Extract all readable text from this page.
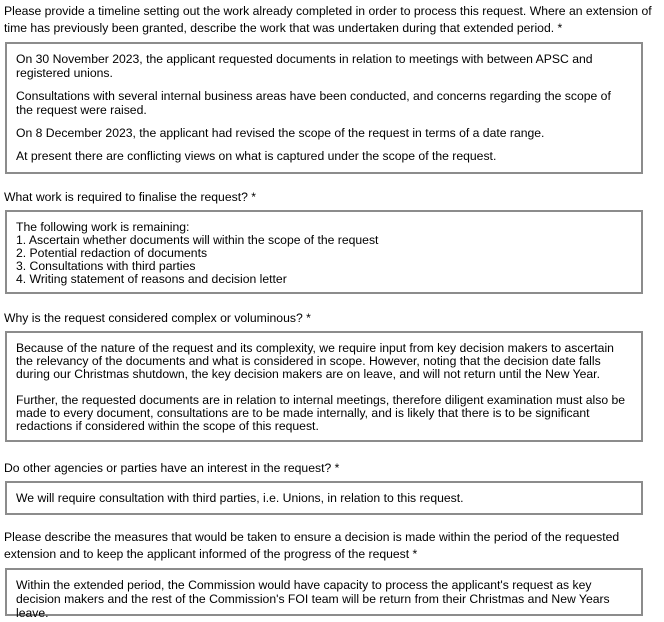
Please provide a timeline setting out the work already completed in order to process this request. Where an extension of time has previously been granted, describe the work that was undertaken during that extended period. *

On 30 November 2023, the applicant requested documents in relation to meetings with between APSC and registered unions.

Consultations with several internal business areas have been conducted, and concerns regarding the scope of the request were raised.

On 8 December 2023, the applicant had revised the scope of the request in terms of a date range.

At present there are conflicting views on what is captured under the scope of the request.

What work is required to finalise the request? *
The following work is remaining:
1. Ascertain whether documents will within the scope of the request
2. Potential redaction of documents
3. Consultations with third parties
4. Writing statement of reasons and decision letter
Why is the request considered complex or voluminous? *

Because of the nature of the request and its complexity, we require input from key decision makers to ascertain the relevancy of the documents and what is considered in scope. However, noting that the decision date falls during our Christmas shutdown, the key decision makers are on leave, and will not return until the New Year.

Further, the requested documents are in relation to internal meetings, therefore diligent examination must also be made to every document, consultations are to be made internally, and is likely that there is to be significant redactions if considered within the scope of this request.

Do other agencies or parties have an interest in the request? *

We will require consultation with third parties, i.e. Unions, in relation to this request.

Please describe the measures that would be taken to ensure a decision is made within the period of the requested extension and to keep the applicant informed of the progress of the request *

Within the extended period, the Commission would have capacity to process the applicant's request as key decision makers and the rest of the Commission's FOI team will be return from their Christmas and New Years leave.
